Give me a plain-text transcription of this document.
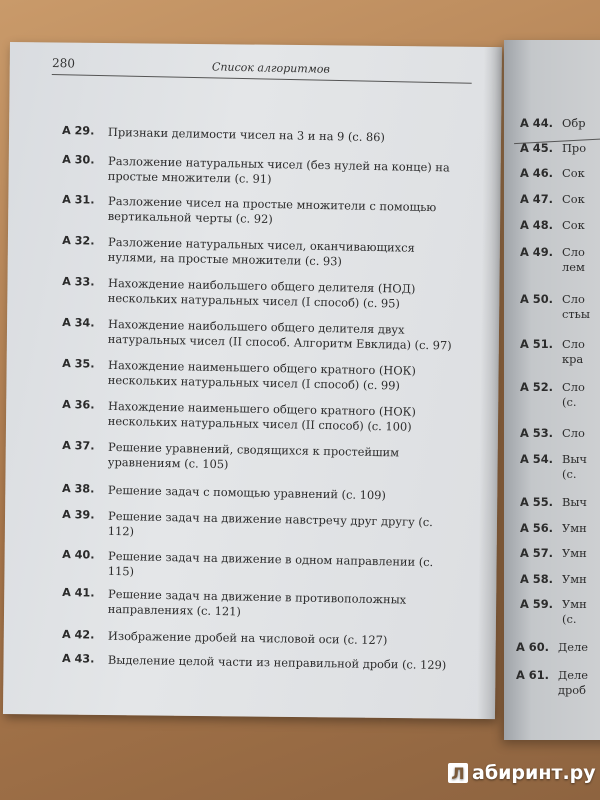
280	Список алгоритмов
А 29.	Признаки делимости чисел на 3 и на 9 (с. 86)
А 30.	Разложение натуральных чисел (без нулей на конце) на простые множители (с. 91)
А 31.	Разложение чисел на простые множители с помощью вертикальной черты (с. 92)
А 32.	Разложение натуральных чисел, оканчивающихся нулями, на простые множители (с. 93)
А 33.	Нахождение наибольшего общего делителя (НОД) нескольких натуральных чисел (I способ) (с. 95)
А 34.	Нахождение наибольшего общего делителя двух натуральных чисел (II способ. Алгоритм Евклида) (с. 97)
А 35.	Нахождение наименьшего общего кратного (НОК) нескольких натуральных чисел (I способ) (с. 99)
А 36.	Нахождение наименьшего общего кратного (НОК) нескольких натуральных чисел (II способ) (с. 100)
А 37.	Решение уравнений, сводящихся к простейшим уравнениям (с. 105)
А 38.	Решение задач с помощью уравнений (с. 109)
А 39.	Решение задач на движение навстречу друг другу (с. 112)
А 40.	Решение задач на движение в одном направлении (с. 115)
А 41.	Решение задач на движение в противоположных направлениях (с. 121)
А 42.	Изображение дробей на числовой оси (с. 127)
А 43.	Выделение целой части из неправильной дроби (с. 129)
А 44. Обр
А 45. Про
А 46. Сок
А 47. Сок
А 48. Сок
А 49. Сло лем
А 50. Сло стьы
А 51. Сло кра
А 52. Сло (с.
А 53. Сло
А 54. Выч (с.
А 55. Выч
А 56. Умн
А 57. Умн
А 58. Умн
А 59. Умн (с.
А 60. Деле
А 61. Деле дроб
Л абиринт.ру
